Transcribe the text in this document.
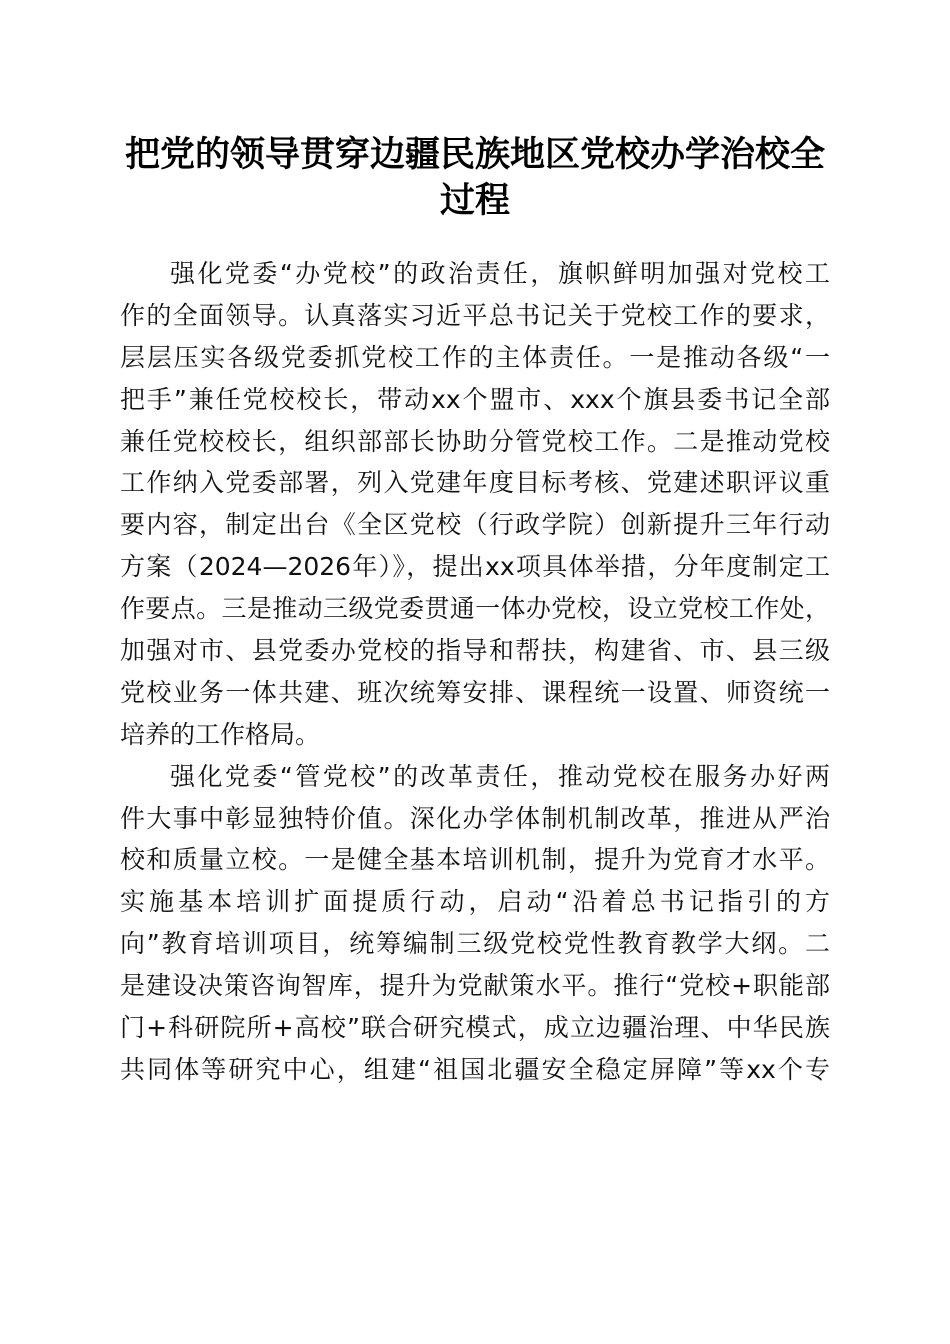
把党的领导贯穿边疆民族地区党校办学治校全
过程

强化党委“办党校”的政治责任，旗帜鲜明加强对党校工
作的全面领导。认真落实习近平总书记关于党校工作的要求，
层层压实各级党委抓党校工作的主体责任。一是推动各级“一
把手”兼任党校校长，带动xx个盟市、xxx个旗县委书记全部
兼任党校校长，组织部部长协助分管党校工作。二是推动党校
工作纳入党委部署，列入党建年度目标考核、党建述职评议重
要内容，制定出台《全区党校（行政学院）创新提升三年行动
方案（2024—2026年）》，提出xx项具体举措，分年度制定工
作要点。三是推动三级党委贯通一体办党校，设立党校工作处，
加强对市、县党委办党校的指导和帮扶，构建省、市、县三级
党校业务一体共建、班次统筹安排、课程统一设置、师资统一
培养的工作格局。

强化党委“管党校”的改革责任，推动党校在服务办好两
件大事中彰显独特价值。深化办学体制机制改革，推进从严治
校和质量立校。一是健全基本培训机制，提升为党育才水平。
实施基本培训扩面提质行动，启动“沿着总书记指引的方
向”教育培训项目，统筹编制三级党校党性教育教学大纲。二
是建设决策咨询智库，提升为党献策水平。推行“党校+职能部
门+科研院所+高校”联合研究模式，成立边疆治理、中华民族
共同体等研究中心，组建“祖国北疆安全稳定屏障”等xx个专
